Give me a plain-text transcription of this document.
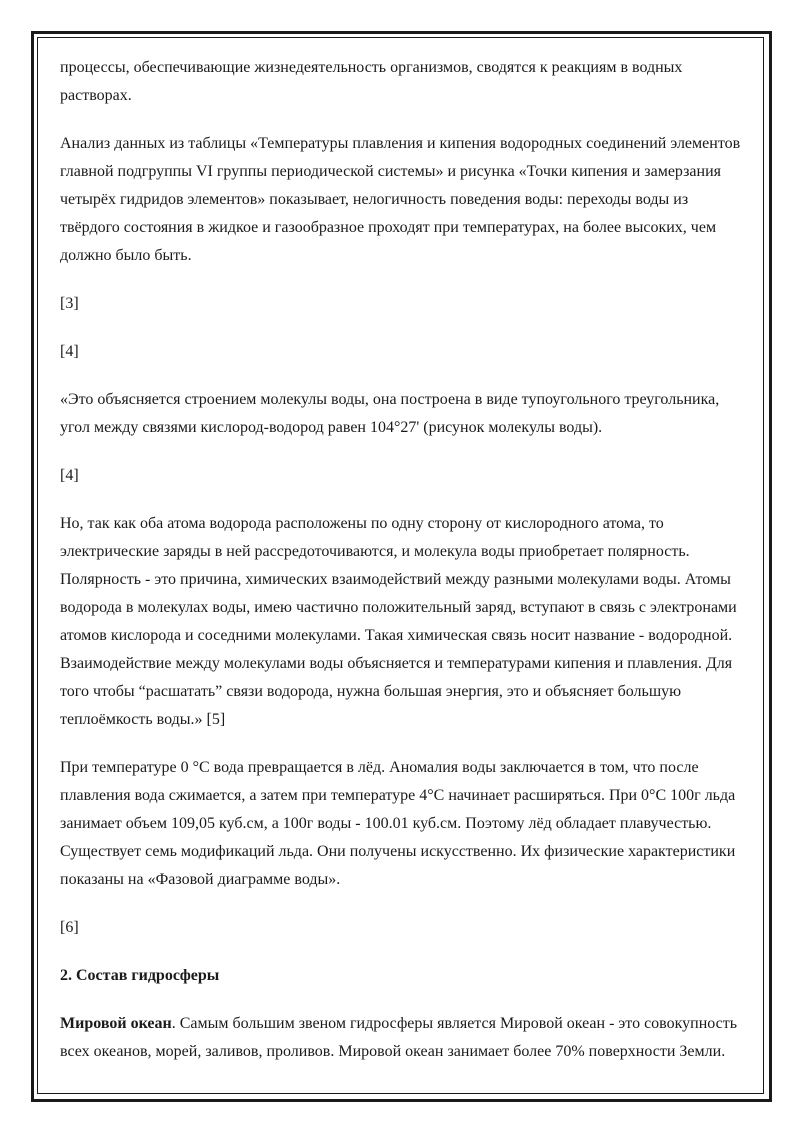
процессы, обеспечивающие жизнедеятельность организмов, сводятся к реакциям в водных растворах.

Анализ данных из таблицы «Температуры плавления и кипения водородных соединений элементов главной подгруппы VI группы периодической системы» и рисунка «Точки кипения и замерзания четырёх гидридов элементов» показывает, нелогичность поведения воды: переходы воды из твёрдого состояния в жидкое и газообразное проходят при температурах, на более высоких, чем должно было быть.

[3]

[4]

«Это объясняется строением молекулы воды, она построена в виде тупоугольного треугольника, угол между связями кислород-водород равен 104°27' (рисунок молекулы воды).

[4]

Но, так как оба атома водорода расположены по одну сторону от кислородного атома, то электрические заряды в ней рассредоточиваются, и молекула воды приобретает полярность. Полярность - это причина, химических взаимодействий между разными молекулами воды. Атомы водорода в молекулах воды, имею частично положительный заряд, вступают в связь с электронами атомов кислорода и соседними молекулами. Такая химическая связь носит название - водородной. Взаимодействие между молекулами воды объясняется и температурами кипения и плавления. Для того чтобы “расшатать” связи водорода, нужна большая энергия, это и объясняет большую теплоёмкость воды.» [5]

При температуре 0 °С вода превращается в лёд. Аномалия воды заключается в том, что после плавления вода сжимается, а затем при температуре 4°С начинает расширяться. При 0°С 100г льда занимает объем 109,05 куб.см, а 100г воды - 100.01 куб.см. Поэтому лёд обладает плавучестью. Существует семь модификаций льда. Они получены искусственно. Их физические характеристики показаны на «Фазовой диаграмме воды».

[6]

2. Состав гидросферы

Мировой океан. Самым большим звеном гидросферы является Мировой океан - это совокупность всех океанов, морей, заливов, проливов. Мировой океан занимает более 70% поверхности Земли.
